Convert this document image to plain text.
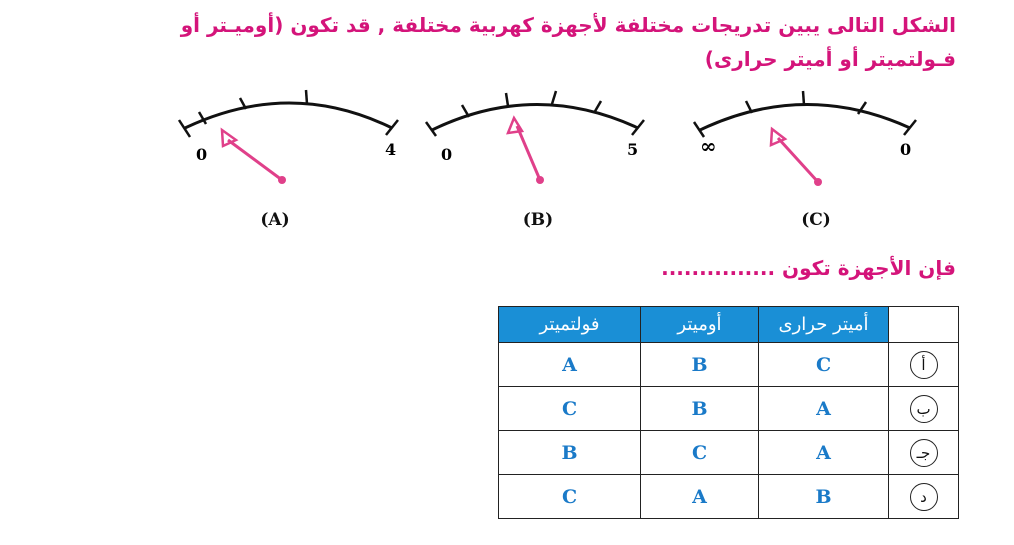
الشكل التالى يبين تدريجات مختلفة لأجهزة كهربية مختلفة , قد تكون (أوميـتر أو فـولتميتر أو أميتر حرارى)
0	4	0	5	∞	0
(A)	(B)	(C)
فإن الأجهزة تكون ...............
	أميتر حرارى	أوميتر	فولتميتر
أ	C	B	A
ب	A	B	C
جـ	A	C	B
د	B	A	C
